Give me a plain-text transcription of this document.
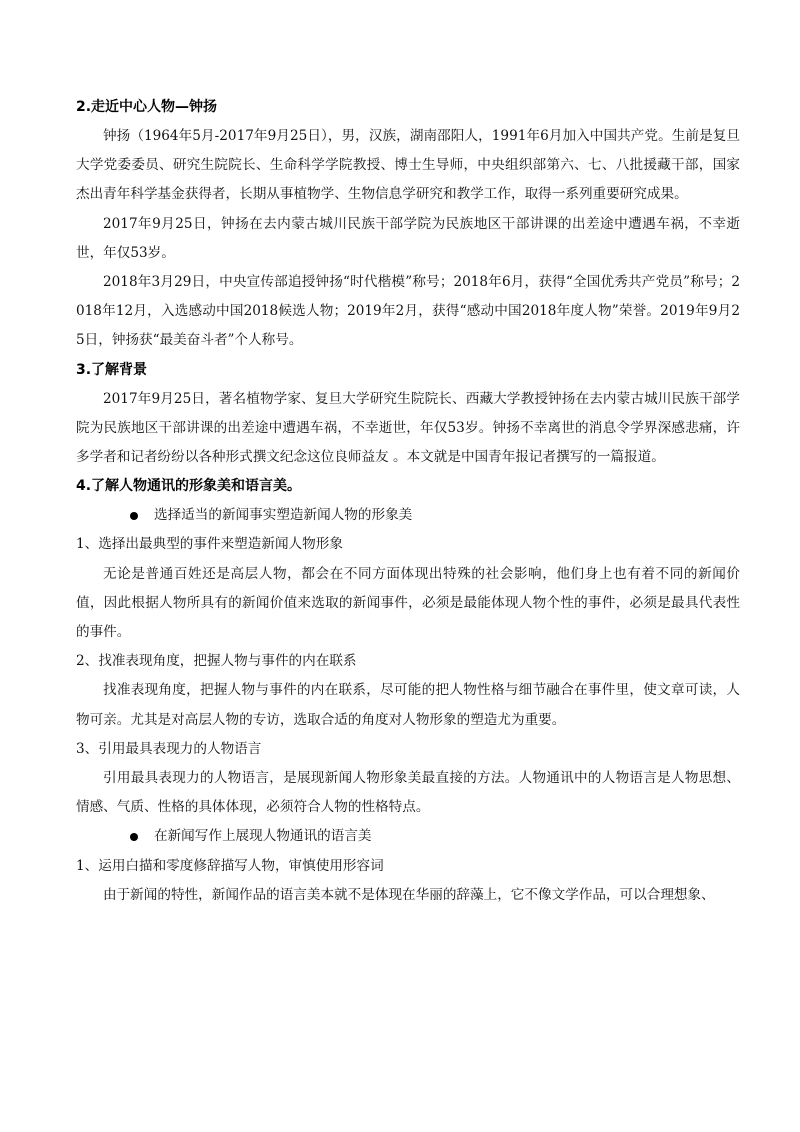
2.走近中心人物—钟扬

钟扬（1964年5月-2017年9月25日），男，汉族，湖南邵阳人，1991年6月加入中国共产党。生前是复旦大学党委委员、研究生院院长、生命科学学院教授、博士生导师，中央组织部第六、七、八批援藏干部，国家杰出青年科学基金获得者，长期从事植物学、生物信息学研究和教学工作，取得一系列重要研究成果。

2017年9月25日，钟扬在去内蒙古城川民族干部学院为民族地区干部讲课的出差途中遭遇车祸，不幸逝世，年仅53岁。

2018年3月29日，中央宣传部追授钟扬“时代楷模”称号；2018年6月，获得“全国优秀共产党员”称号；2018年12月，入选感动中国2018候选人物；2019年2月，获得“感动中国2018年度人物”荣誉。2019年9月25日，钟扬获“最美奋斗者”个人称号。

3.了解背景

2017年9月25日，著名植物学家、复旦大学研究生院院长、西藏大学教授钟扬在去内蒙古城川民族干部学院为民族地区干部讲课的出差途中遭遇车祸，不幸逝世，年仅53岁。钟扬不幸离世的消息令学界深感悲痛，许多学者和记者纷纷以各种形式撰文纪念这位良师益友 。本文就是中国青年报记者撰写的一篇报道。

4.了解人物通讯的形象美和语言美。

选择适当的新闻事实塑造新闻人物的形象美

1、选择出最典型的事件来塑造新闻人物形象

无论是普通百姓还是高层人物，都会在不同方面体现出特殊的社会影响，他们身上也有着不同的新闻价值，因此根据人物所具有的新闻价值来选取的新闻事件，必须是最能体现人物个性的事件，必须是最具代表性的事件。

2、找准表现角度，把握人物与事件的内在联系

找准表现角度，把握人物与事件的内在联系，尽可能的把人物性格与细节融合在事件里，使文章可读，人物可亲。尤其是对高层人物的专访，选取合适的角度对人物形象的塑造尤为重要。

3、引用最具表现力的人物语言

引用最具表现力的人物语言，是展现新闻人物形象美最直接的方法。人物通讯中的人物语言是人物思想、情感、气质、性格的具体体现，必须符合人物的性格特点。

在新闻写作上展现人物通讯的语言美

1、运用白描和零度修辞描写人物，审慎使用形容词

由于新闻的特性，新闻作品的语言美本就不是体现在华丽的辞藻上，它不像文学作品，可以合理想象、
